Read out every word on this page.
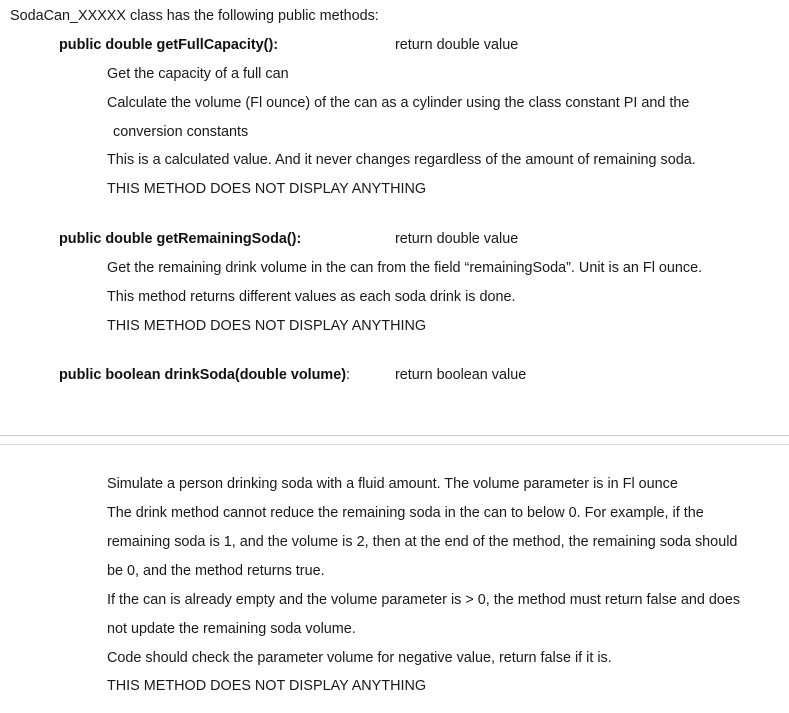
SodaCan_XXXXX class has the following public methods:
public double getFullCapacity():	return double value
Get the capacity of a full can
Calculate the volume (Fl ounce) of the can as a cylinder using the class constant PI and the
conversion constants
This is a calculated value. And it never changes regardless of the amount of remaining soda.
THIS METHOD DOES NOT DISPLAY ANYTHING
public double getRemainingSoda():	return double value
Get the remaining drink volume in the can from the field “remainingSoda”. Unit is an Fl ounce.
This method returns different values as each soda drink is done.
THIS METHOD DOES NOT DISPLAY ANYTHING
public boolean drinkSoda(double volume):	return boolean value
Simulate a person drinking soda with a fluid amount. The volume parameter is in Fl ounce
The drink method cannot reduce the remaining soda in the can to below 0. For example, if the
remaining soda is 1, and the volume is 2, then at the end of the method, the remaining soda should
be 0, and the method returns true.
If the can is already empty and the volume parameter is > 0, the method must return false and does
not update the remaining soda volume.
Code should check the parameter volume for negative value, return false if it is.
THIS METHOD DOES NOT DISPLAY ANYTHING
